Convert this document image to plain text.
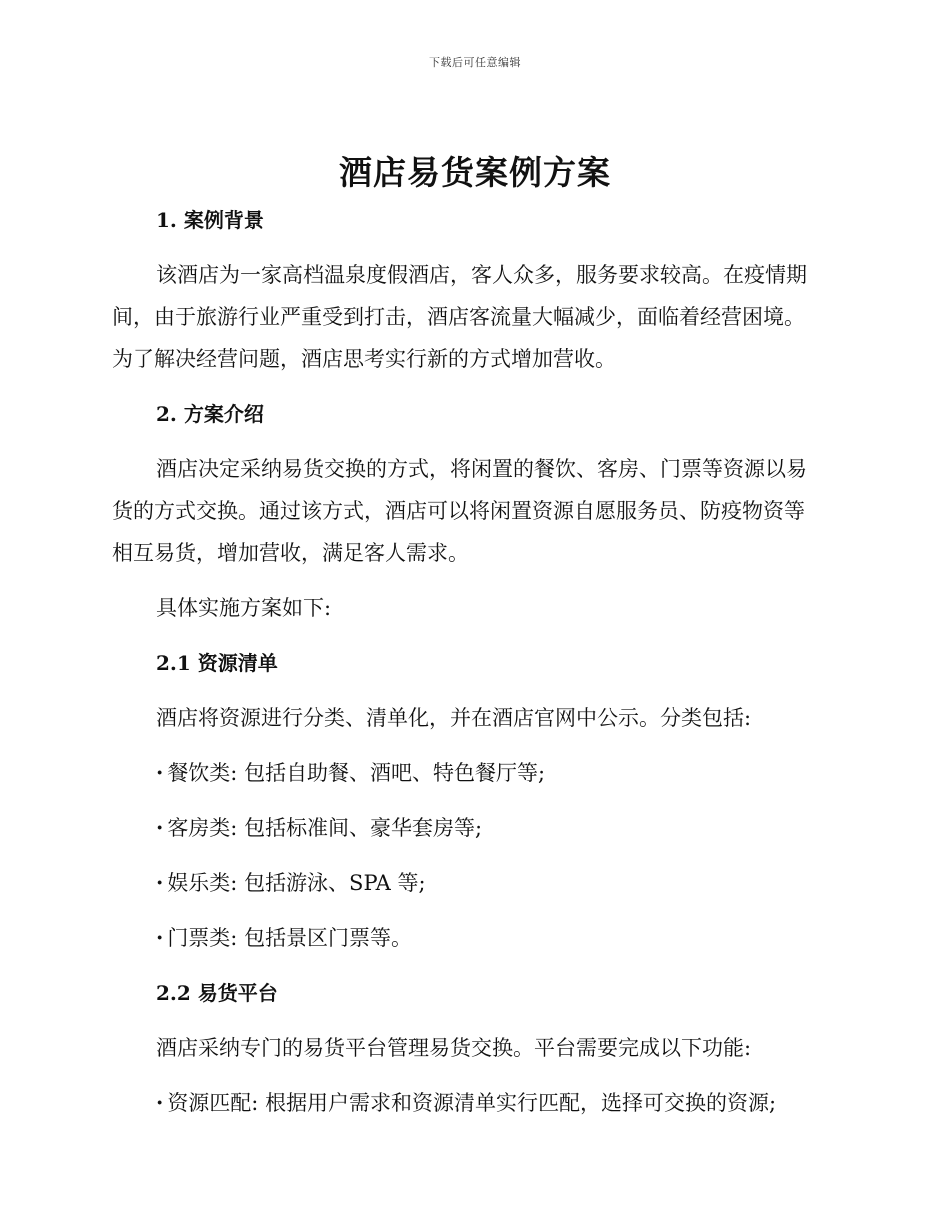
下载后可任意编辑
酒店易货案例方案

1. 案例背景

该酒店为一家高档温泉度假酒店，客人众多，服务要求较高。在疫情期

间，由于旅游行业严重受到打击，酒店客流量大幅减少，面临着经营困境。

为了解决经营问题，酒店思考实行新的方式增加营收。

2. 方案介绍

酒店决定采纳易货交换的方式，将闲置的餐饮、客房、门票等资源以易

货的方式交换。通过该方式，酒店可以将闲置资源自愿服务员、防疫物资等

相互易货，增加营收，满足客人需求。

具体实施方案如下:

2.1 资源清单

酒店将资源进行分类、清单化，并在酒店官网中公示。分类包括:

· 餐饮类: 包括自助餐、酒吧、特色餐厅等;

· 客房类: 包括标准间、豪华套房等;

· 娱乐类: 包括游泳、SPA 等;

· 门票类: 包括景区门票等。

2.2 易货平台

酒店采纳专门的易货平台管理易货交换。平台需要完成以下功能:

· 资源匹配: 根据用户需求和资源清单实行匹配，选择可交换的资源;
